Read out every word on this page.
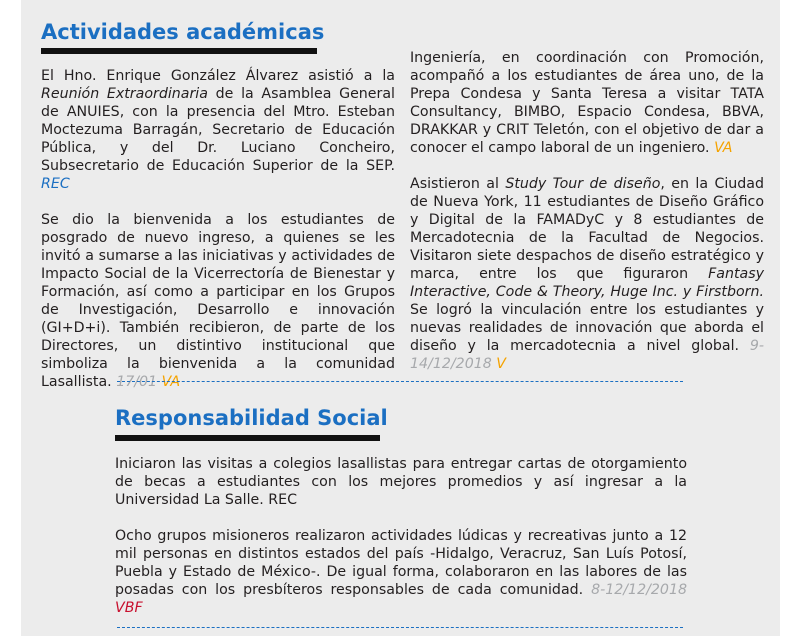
Actividades académicas

El Hno. Enrique González Álvarez asistió a la Reunión Extraordinaria de la Asamblea General de ANUIES, con la presencia del Mtro. Esteban Moctezuma Barragán, Secretario de Educación Pública, y del Dr. Luciano Concheiro, Subsecretario de Educación Superior de la SEP. REC

Se dio la bienvenida a los estudiantes de posgrado de nuevo ingreso, a quienes se les invitó a sumarse a las iniciativas y actividades de Impacto Social de la Vicerrectoría de Bienestar y Formación, así como a participar en los Grupos de Investigación, Desarrollo e innovación (GI+D+i). También recibieron, de parte de los Directores, un distintivo institucional que simboliza la bienvenida a la comunidad Lasallista. 17/01 VA

Ingeniería, en coordinación con Promoción, acompañó a los estudiantes de área uno, de la Prepa Condesa y Santa Teresa a visitar TATA Consultancy, BIMBO, Espacio Condesa, BBVA, DRAKKAR y CRIT Teletón, con el objetivo de dar a conocer el campo laboral de un ingeniero. VA

Asistieron al Study Tour de diseño, en la Ciudad de Nueva York, 11 estudiantes de Diseño Gráfico y Digital de la FAMADyC y 8 estudiantes de Mercadotecnia de la Facultad de Negocios. Visitaron siete despachos de diseño estratégico y marca, entre los que figuraron Fantasy Interactive, Code & Theory, Huge Inc. y Firstborn. Se logró la vinculación entre los estudiantes y nuevas realidades de innovación que aborda el diseño y la mercadotecnia a nivel global. 9-14/12/2018 V

Responsabilidad Social

Iniciaron las visitas a colegios lasallistas para entregar cartas de otorgamiento de becas a estudiantes con los mejores promedios y así ingresar a la Universidad La Salle. REC

Ocho grupos misioneros realizaron actividades lúdicas y recreativas junto a 12 mil personas en distintos estados del país -Hidalgo, Veracruz, San Luís Potosí, Puebla y Estado de México-. De igual forma, colaboraron en las labores de las posadas con los presbíteros responsables de cada comunidad. 8-12/12/2018 VBF
